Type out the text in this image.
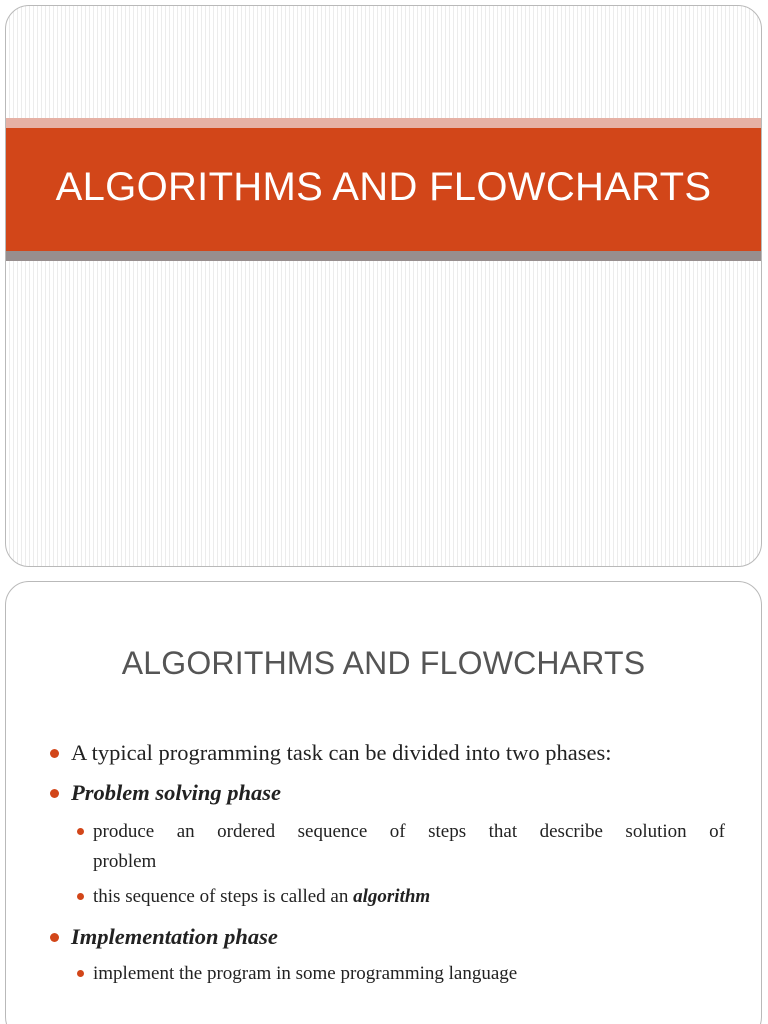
ALGORITHMS AND FLOWCHARTS
ALGORITHMS AND FLOWCHARTS
A typical programming task can be divided into two phases:
Problem solving phase
produce an ordered sequence of steps that describe solution of
problem
this sequence of steps is called an algorithm
Implementation phase
implement the program in some programming language
